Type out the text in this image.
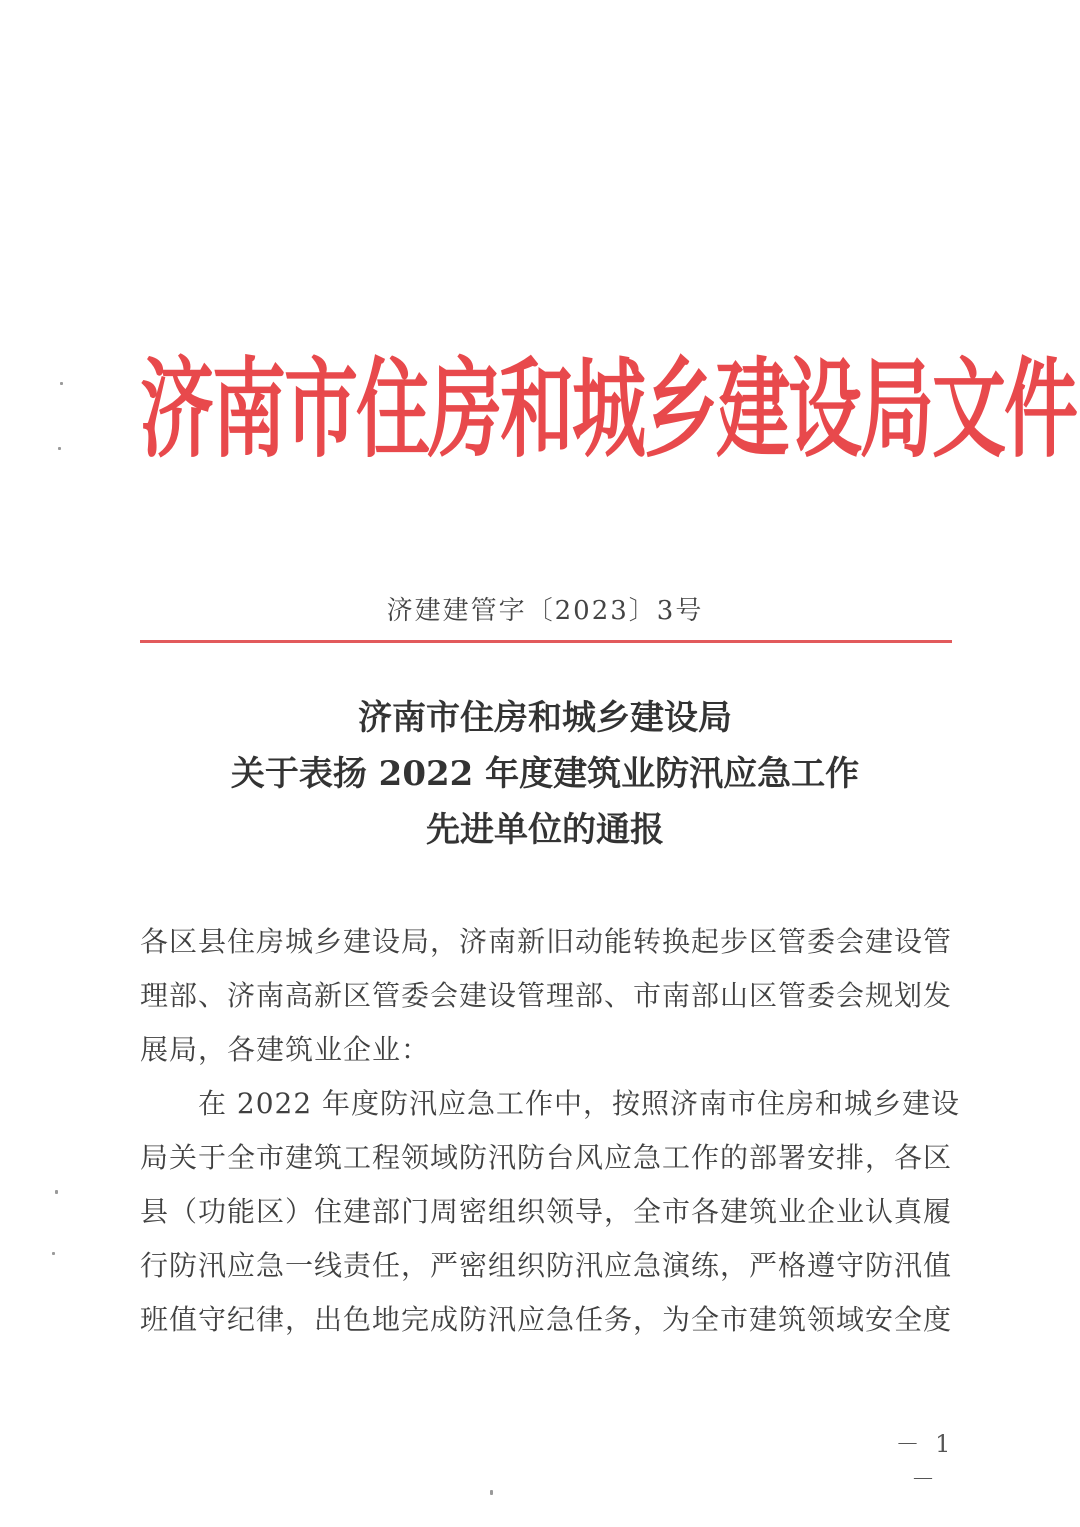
济南市住房和城乡建设局文件
济建建管字〔2023〕3号
济南市住房和城乡建设局
关于表扬 2022 年度建筑业防汛应急工作
先进单位的通报
各区县住房城乡建设局，济南新旧动能转换起步区管委会建设管
理部、济南高新区管委会建设管理部、市南部山区管委会规划发
展局，各建筑业企业：
在 2022 年度防汛应急工作中，按照济南市住房和城乡建设
局关于全市建筑工程领域防汛防台风应急工作的部署安排，各区
县（功能区）住建部门周密组织领导，全市各建筑业企业认真履
行防汛应急一线责任，严密组织防汛应急演练，严格遵守防汛值
班值守纪律，出色地完成防汛应急任务，为全市建筑领域安全度
－ 1 －
